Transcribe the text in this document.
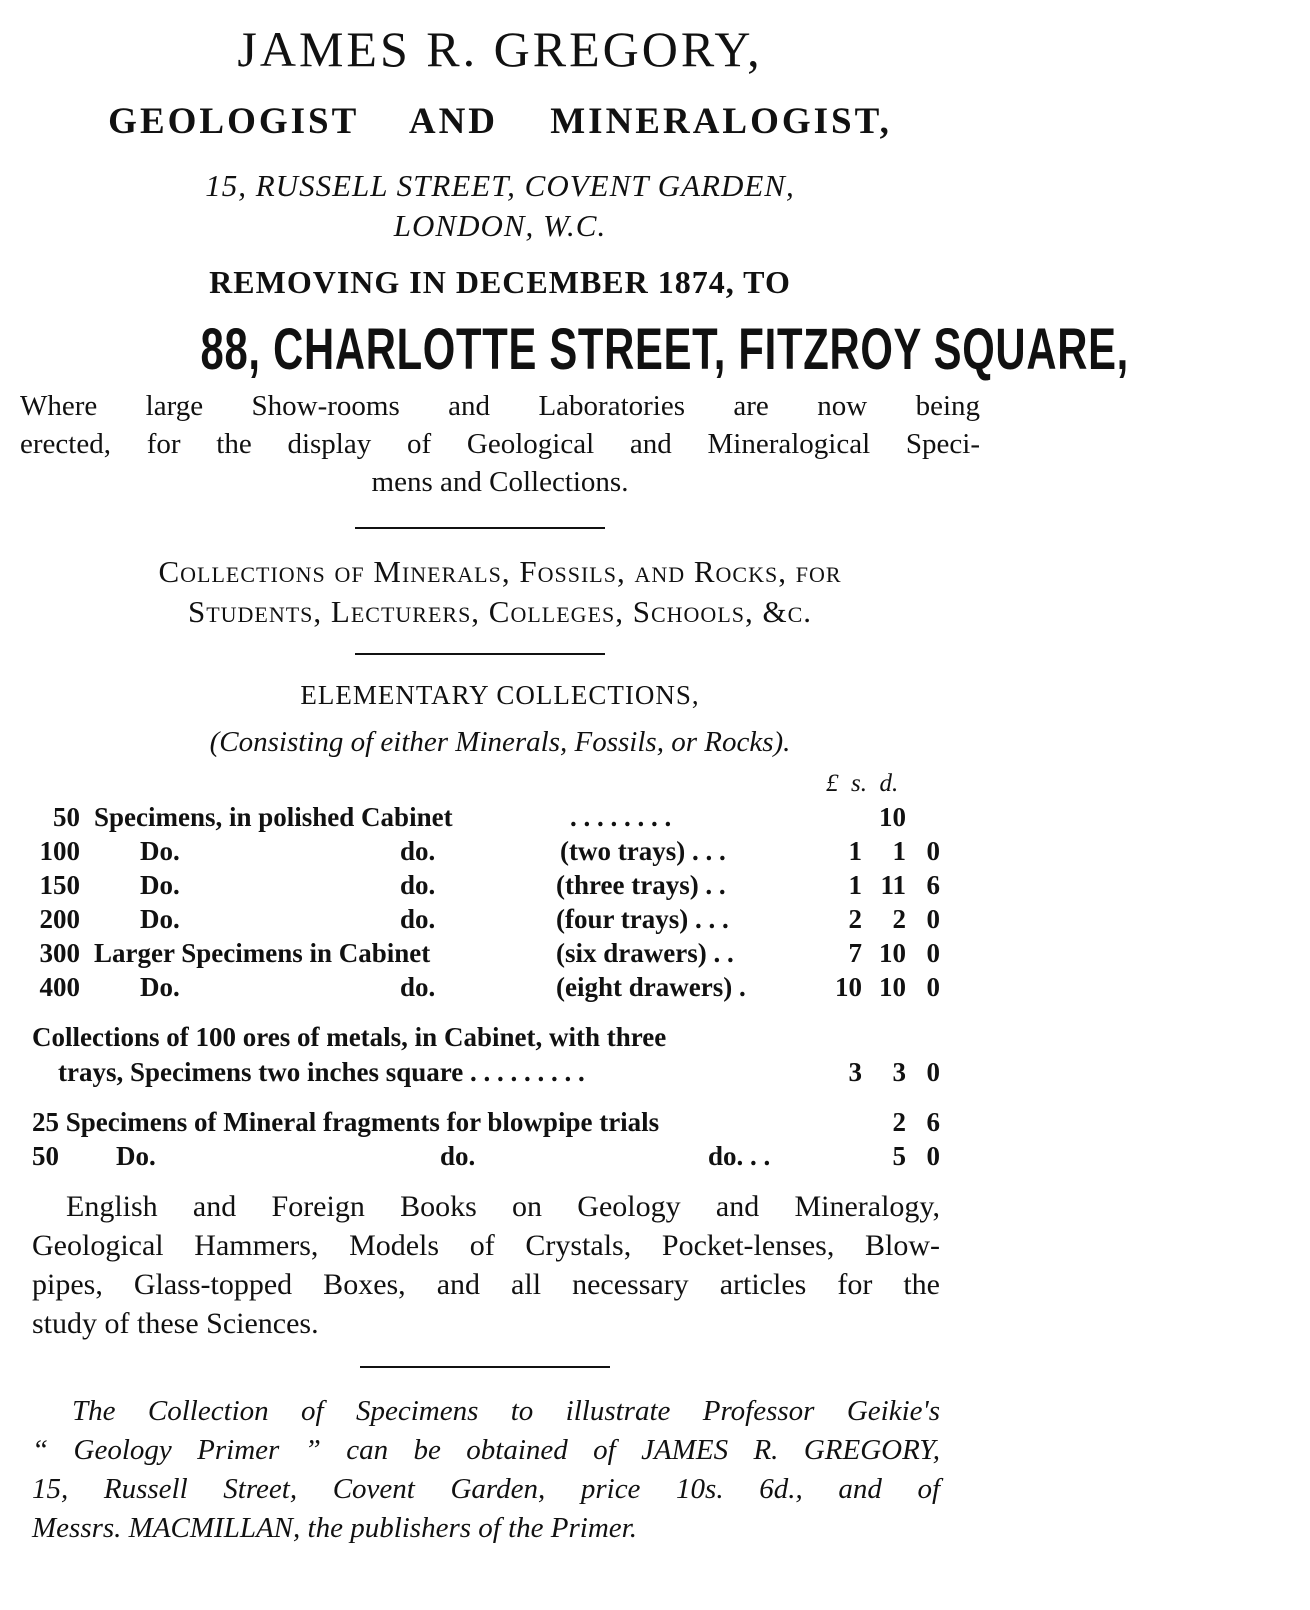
JAMES R. GREGORY,
GEOLOGIST AND MINERALOGIST,
15, RUSSELL STREET, COVENT GARDEN,
LONDON, W.C.
REMOVING IN DECEMBER 1874, TO
88, CHARLOTTE STREET, FITZROY SQUARE,
Where large Show-rooms and Laboratories are now being
erected, for the display of Geological and Mineralogical Speci-
mens and Collections.
Collections of Minerals, Fossils, and Rocks, for
Students, Lecturers, Colleges, Schools, &c.
ELEMENTARY COLLECTIONS,
(Consisting of either Minerals, Fossils, or Rocks).
£  s.  d.
50 Specimens, in polished Cabinet	. . . . . . . .	10
100 Do.	do.	(two trays) . . .	1	1 0
150 Do.	do.	(three trays) . .	1 11 6
200 Do.	do.	(four trays) . . .	2	2 0
300 Larger Specimens in Cabinet	(six drawers) . .	7 10 0
400 Do.	do.	(eight drawers) .	10 10 0
Collections of 100 ores of metals, in Cabinet, with three
trays, Specimens two inches square . . . . . . . . .	3	3 0
25 Specimens of Mineral fragments for blowpipe trials	2 6
50 Do.	do.	do. . .	5 0
English and Foreign Books on Geology and Mineralogy,
Geological Hammers, Models of Crystals, Pocket-lenses, Blow-
pipes, Glass-topped Boxes, and all necessary articles for the
study of these Sciences.
The Collection of Specimens to illustrate Professor Geikie's
“ Geology Primer ” can be obtained of JAMES R. GREGORY,
15, Russell Street, Covent Garden, price 10s. 6d., and of
Messrs. MACMILLAN, the publishers of the Primer.
